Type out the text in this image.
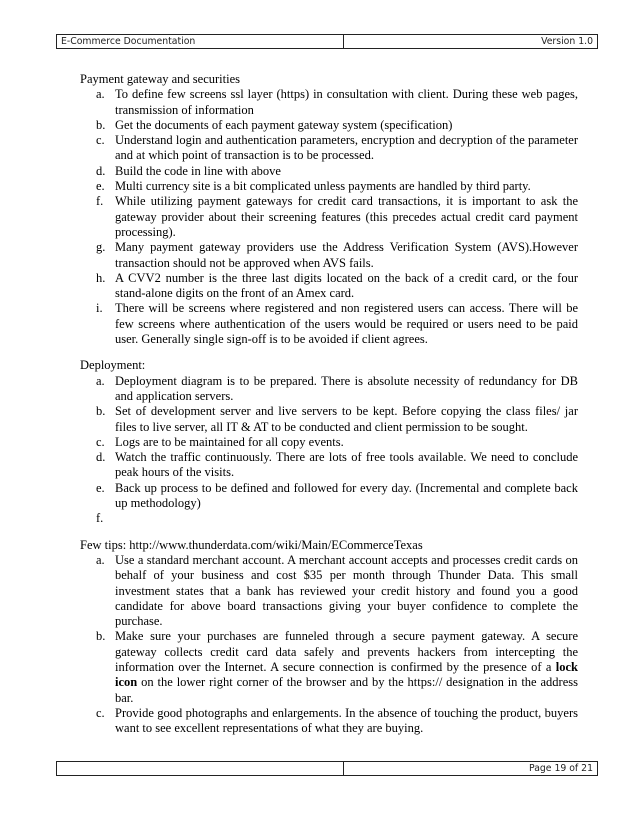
E-Commerce Documentation	Version 1.0

Payment gateway and securities

a. To define few screens ssl layer (https) in consultation with client. During these web pages, transmission of information
b. Get the documents of each payment gateway system (specification)
c. Understand login and authentication parameters, encryption and decryption of the parameter and at which point of transaction is to be processed.
d. Build the code in line with above
e. Multi currency site is a bit complicated unless payments are handled by third party.
f. While utilizing payment gateways for credit card transactions, it is important to ask the gateway provider about their screening features (this precedes actual credit card payment processing).
g. Many payment gateway providers use the Address Verification System (AVS).However transaction should not be approved when AVS fails.
h. A CVV2 number is the three last digits located on the back of a credit card, or the four stand-alone digits on the front of an Amex card.
i. There will be screens where registered and non registered users can access. There will be few screens where authentication of the users would be required or users need to be paid user. Generally single sign-off is to be avoided if client agrees.

Deployment:

a. Deployment diagram is to be prepared. There is absolute necessity of redundancy for DB and application servers.
b. Set of development server and live servers to be kept. Before copying the class files/ jar files to live server, all IT & AT to be conducted and client permission to be sought.
c. Logs are to be maintained for all copy events.
d. Watch the traffic continuously. There are lots of free tools available. We need to conclude peak hours of the visits.
e. Back up process to be defined and followed for every day. (Incremental and complete back up methodology)
f.

Few tips: http://www.thunderdata.com/wiki/Main/ECommerceTexas

a. Use a standard merchant account. A merchant account accepts and processes credit cards on behalf of your business and cost $35 per month through Thunder Data. This small investment states that a bank has reviewed your credit history and found you a good candidate for above board transactions giving your buyer confidence to complete the purchase.
b. Make sure your purchases are funneled through a secure payment gateway. A secure gateway collects credit card data safely and prevents hackers from intercepting the information over the Internet. A secure connection is confirmed by the presence of a lock icon on the lower right corner of the browser and by the https:// designation in the address bar.
c. Provide good photographs and enlargements. In the absence of touching the product, buyers want to see excellent representations of what they are buying.
	Page 19 of 21
